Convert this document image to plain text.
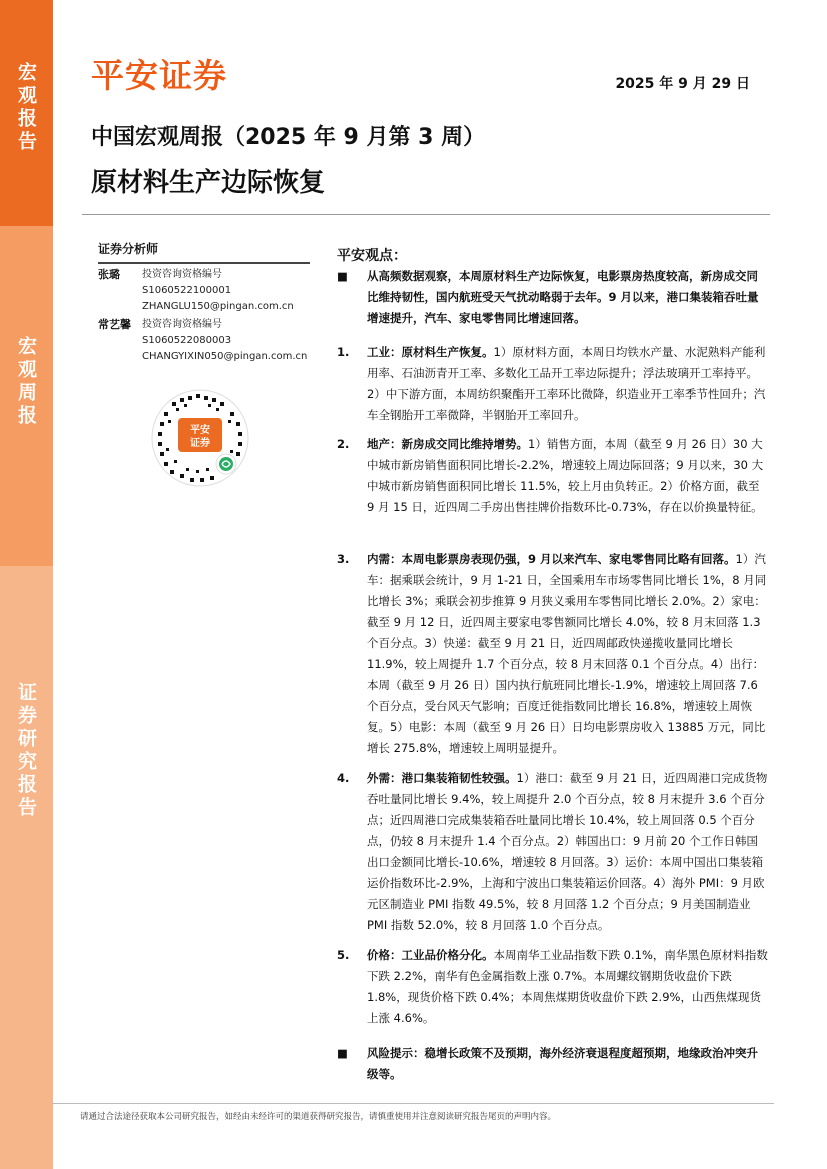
宏观报告
宏观周报
证券研究报告
平安证券	2025 年 9 月 29 日
中国宏观周报（2025 年 9 月第 3 周）
原材料生产边际恢复
证券分析师
张璐 投资咨询资格编号
S1060522100001
ZHANGLU150@pingan.com.cn
常艺馨 投资咨询资格编号
S1060522080003
CHANGYIXIN050@pingan.com.cn
平安
证券
平安观点：
■ 从高频数据观察，本周原材料生产边际恢复，电影票房热度较高，新房成交同比维持韧性，国内航班受天气扰动略弱于去年。9 月以来，港口集装箱吞吐量增速提升，汽车、家电零售同比增速回落。
1. 工业：原材料生产恢复。1）原材料方面，本周日均铁水产量、水泥熟料产能利用率、石油沥青开工率、多数化工品开工率边际提升；浮法玻璃开工率持平。2）中下游方面，本周纺织聚酯开工率环比微降，织造业开工率季节性回升；汽车全钢胎开工率微降，半钢胎开工率回升。
2. 地产：新房成交同比维持增势。1）销售方面，本周（截至 9 月 26 日）30 大中城市新房销售面积同比增长-2.2%，增速较上周边际回落；9 月以来，30 大中城市新房销售面积同比增长 11.5%，较上月由负转正。2）价格方面，截至 9 月 15 日，近四周二手房出售挂牌价指数环比-0.73%，存在以价换量特征。
3. 内需：本周电影票房表现仍强，9 月以来汽车、家电零售同比略有回落。1）汽车：据乘联会统计，9 月 1-21 日，全国乘用车市场零售同比增长 1%，8 月同比增长 3%；乘联会初步推算 9 月狭义乘用车零售同比增长 2.0%。2）家电：截至 9 月 12 日，近四周主要家电零售额同比增长 4.0%，较 8 月末回落 1.3 个百分点。3）快递：截至 9 月 21 日，近四周邮政快递揽收量同比增长 11.9%，较上周提升 1.7 个百分点，较 8 月末回落 0.1 个百分点。4）出行：本周（截至 9 月 26 日）国内执行航班同比增长-1.9%，增速较上周回落 7.6 个百分点，受台风天气影响；百度迁徙指数同比增长 16.8%，增速较上周恢复。5）电影：本周（截至 9 月 26 日）日均电影票房收入 13885 万元，同比增长 275.8%，增速较上周明显提升。
4. 外需：港口集装箱韧性较强。1）港口：截至 9 月 21 日，近四周港口完成货物吞吐量同比增长 9.4%，较上周提升 2.0 个百分点，较 8 月末提升 3.6 个百分点；近四周港口完成集装箱吞吐量同比增长 10.4%，较上周回落 0.5 个百分点，仍较 8 月末提升 1.4 个百分点。2）韩国出口：9 月前 20 个工作日韩国出口金额同比增长-10.6%，增速较 8 月回落。3）运价：本周中国出口集装箱运价指数环比-2.9%，上海和宁波出口集装箱运价回落。4）海外 PMI：9 月欧元区制造业 PMI 指数 49.5%，较 8 月回落 1.2 个百分点；9 月美国制造业 PMI 指数 52.0%，较 8 月回落 1.0 个百分点。
5. 价格：工业品价格分化。本周南华工业品指数下跌 0.1%，南华黑色原材料指数下跌 2.2%，南华有色金属指数上涨 0.7%。本周螺纹钢期货收盘价下跌 1.8%，现货价格下跌 0.4%；本周焦煤期货收盘价下跌 2.9%，山西焦煤现货上涨 4.6%。
■ 风险提示：稳增长政策不及预期，海外经济衰退程度超预期，地缘政治冲突升级等。
请通过合法途径获取本公司研究报告，如经由未经许可的渠道获得研究报告，请慎重使用并注意阅读研究报告尾页的声明内容。
